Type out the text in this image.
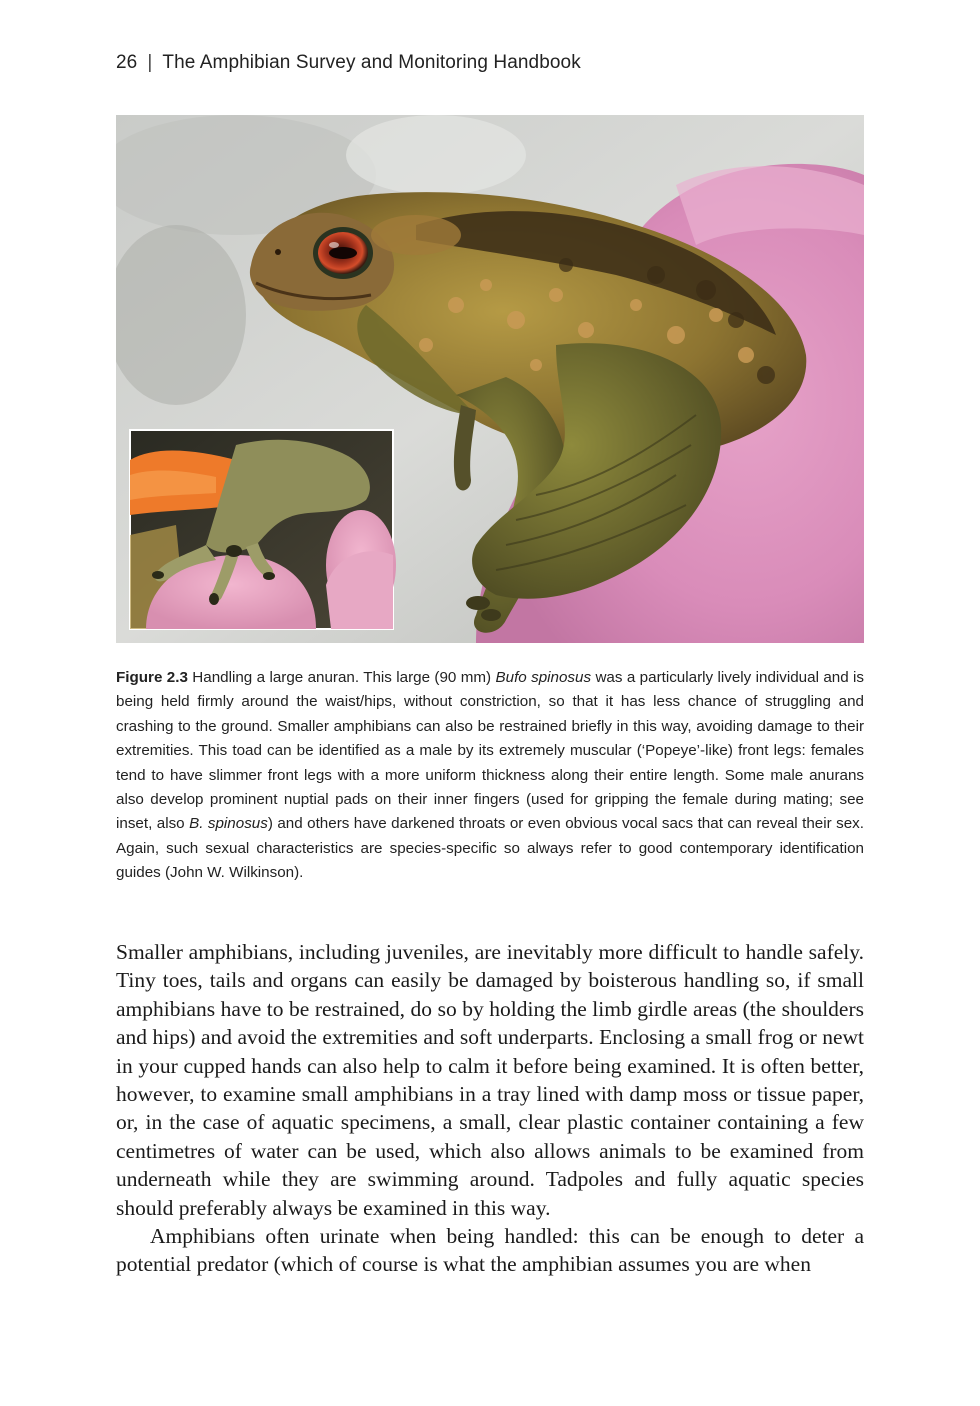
26 | The Amphibian Survey and Monitoring Handbook

Figure 2.3 Handling a large anuran. This large (90 mm) Bufo spinosus was a particularly lively individual and is being held firmly around the waist/hips, without constriction, so that it has less chance of struggling and crashing to the ground. Smaller amphibians can also be restrained briefly in this way, avoiding damage to their extremities. This toad can be identified as a male by its extremely muscular (‘Popeye’-like) front legs: females tend to have slimmer front legs with a more uniform thickness along their entire length. Some male anurans also develop prominent nuptial pads on their inner fingers (used for gripping the female during mating; see inset, also B. spinosus) and others have darkened throats or even obvious vocal sacs that can reveal their sex. Again, such sexual characteristics are species-specific so always refer to good contemporary identification guides (John W. Wilkinson).

Smaller amphibians, including juveniles, are inevitably more difficult to handle safely. Tiny toes, tails and organs can easily be damaged by boisterous handling so, if small amphibians have to be restrained, do so by holding the limb girdle areas (the shoulders and hips) and avoid the extremities and soft underparts. Enclosing a small frog or newt in your cupped hands can also help to calm it before being examined. It is often better, however, to examine small amphibians in a tray lined with damp moss or tissue paper, or, in the case of aquatic specimens, a small, clear plastic container containing a few centimetres of water can be used, which also allows animals to be examined from underneath while they are swimming around. Tadpoles and fully aquatic species should preferably always be examined in this way.

Amphibians often urinate when being handled: this can be enough to deter a potential predator (which of course is what the amphibian assumes you are when
